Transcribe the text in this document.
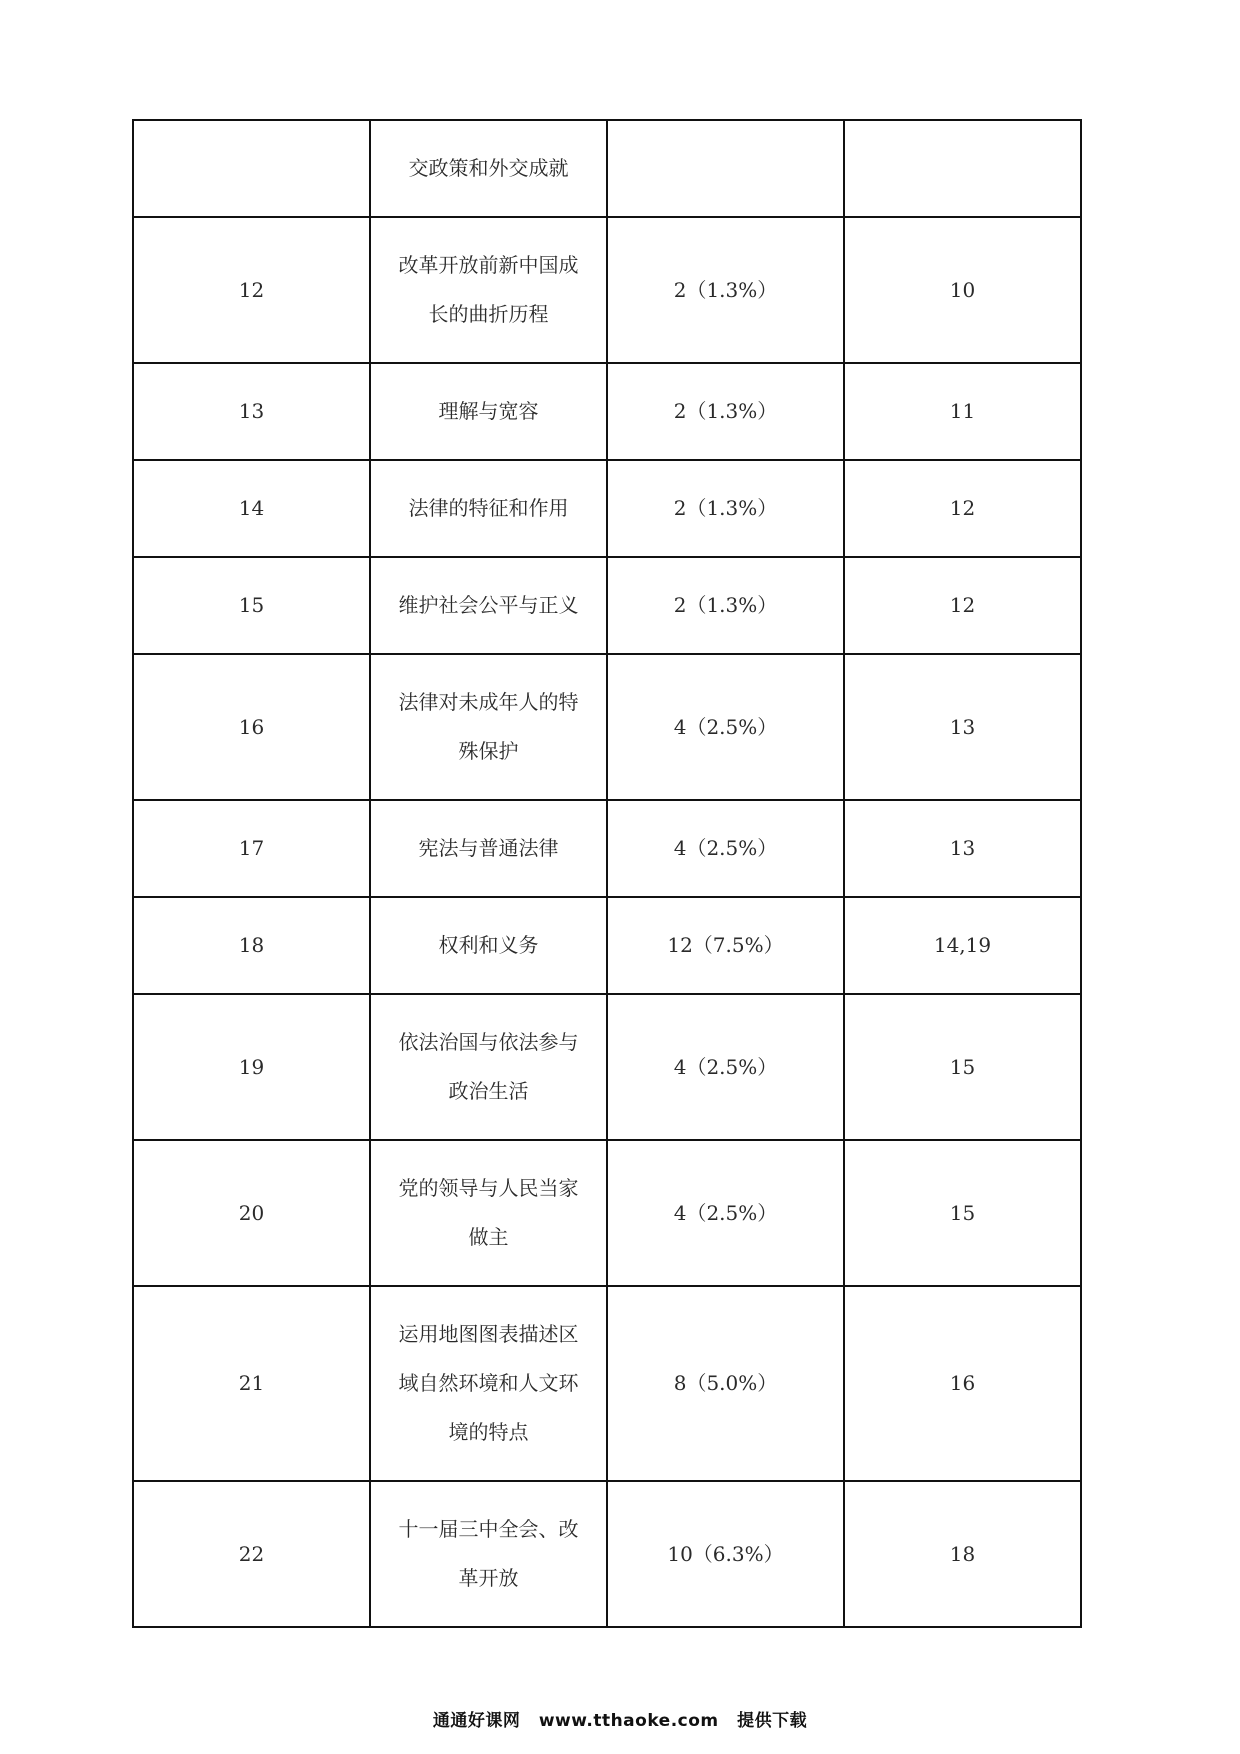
	交政策和外交成就		
12	改革开放前新中国成长的曲折历程	2（1.3%）	10
13	理解与宽容	2（1.3%）	11
14	法律的特征和作用	2（1.3%）	12
15	维护社会公平与正义	2（1.3%）	12
16	法律对未成年人的特殊保护	4（2.5%）	13
17	宪法与普通法律	4（2.5%）	13
18	权利和义务	12（7.5%）	14,19
19	依法治国与依法参与政治生活	4（2.5%）	15
20	党的领导与人民当家做主	4（2.5%）	15
21	运用地图图表描述区域自然环境和人文环境的特点	8（5.0%）	16
22	十一届三中全会、改革开放	10（6.3%）	18
通通好课网 www.tthaoke.com 提供下载
